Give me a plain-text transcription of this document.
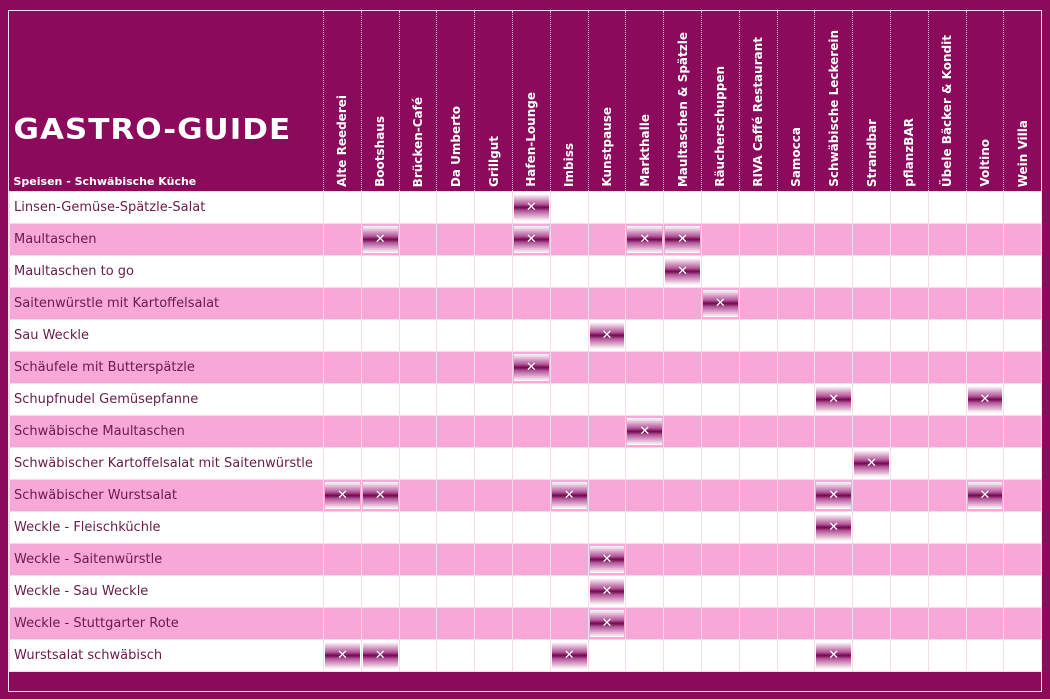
GASTRO-GUIDE
Speisen - Schwäbische Küche	Alte Reederei	Bootshaus	Brücken-Café	Da Umberto	Grillgut	Hafen-Lounge	Imbiss	Kunstpause	Markthalle	Maultaschen & Spätzle	Räucherschuppen	RIVA Caffé Restaurant	Samocca	Schwäbische Leckerein	Strandbar	pflanzBAR	Übele Bäcker & Kondit	Voltino	Wein Villa

Linsen-Gemüse-Spätzle-Salat						✕													

Maultaschen		✕				✕			✕	✕									

Maultaschen to go										✕									

Saitenwürstle mit Kartoffelsalat											✕								

Sau Weckle								✕											

Schäufele mit Butterspätzle						✕													

Schupfnudel Gemüsepfanne														✕				✕	

Schwäbische Maultaschen									✕										

Schwäbischer Kartoffelsalat mit Saitenwürstle															✕				

Schwäbischer Wurstsalat	✕	✕					✕							✕				✕	

Weckle - Fleischküchle														✕					

Weckle - Saitenwürstle								✕											

Weckle - Sau Weckle								✕											

Weckle - Stuttgarter Rote								✕											

Wurstsalat schwäbisch	✕	✕					✕							✕					
